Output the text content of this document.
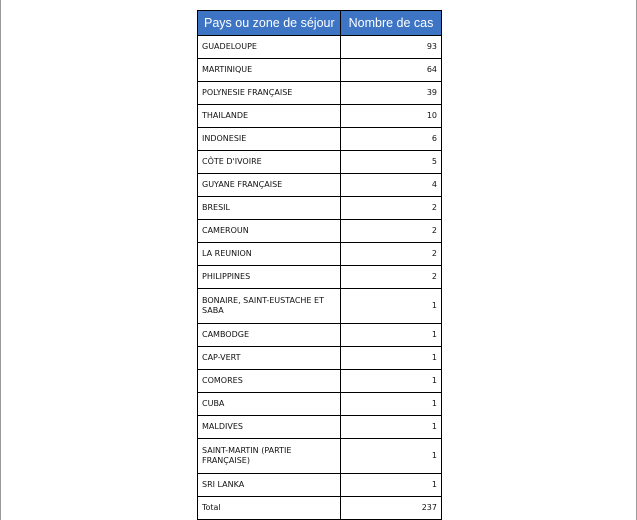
Pays ou zone de séjour	Nombre de cas
GUADELOUPE	93
MARTINIQUE	64
POLYNESIE FRANÇAISE	39
THAILANDE	10
INDONESIE	6
CÔTE D'IVOIRE	5
GUYANE FRANÇAISE	4
BRESIL	2
CAMEROUN	2
LA REUNION	2
PHILIPPINES	2
BONAIRE, SAINT-EUSTACHE ET SABA	1
CAMBODGE	1
CAP-VERT	1
COMORES	1
CUBA	1
MALDIVES	1
SAINT-MARTIN (PARTIE FRANÇAISE)	1
SRI LANKA	1
Total	237
